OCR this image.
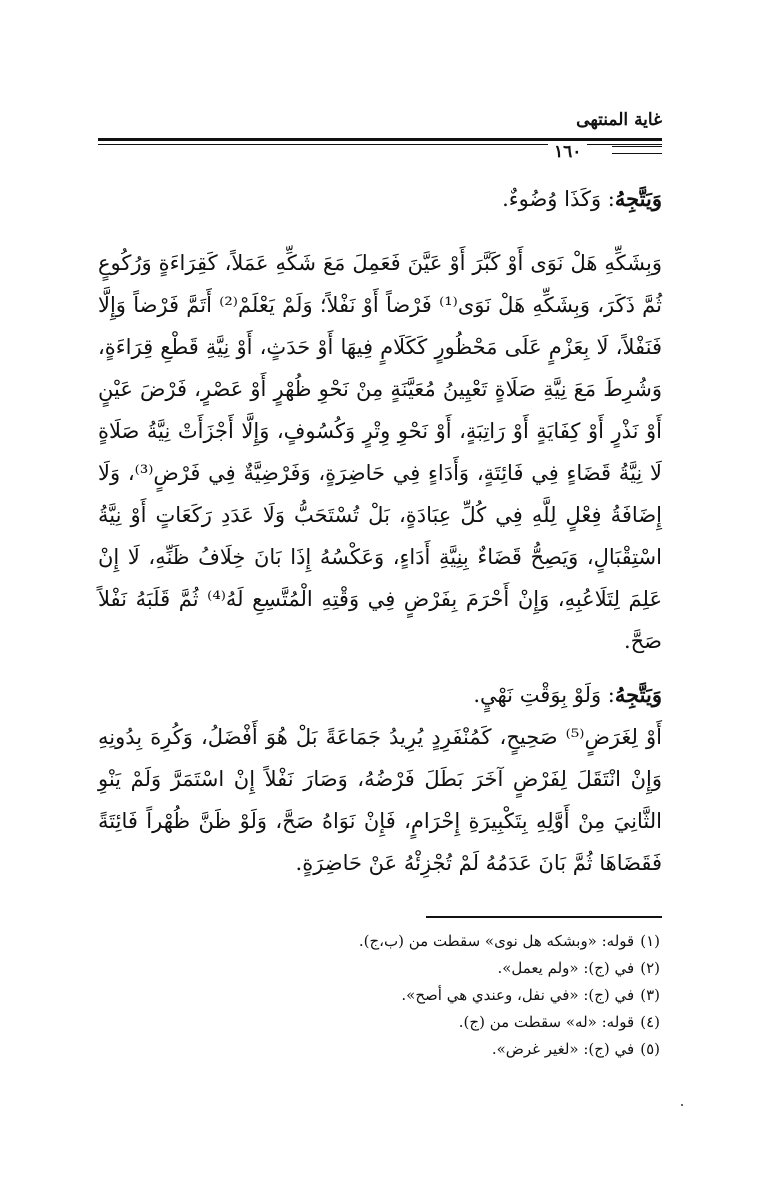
غاية المنتهى
١٦٠
وَيَتَّجِهُ: وَكَذَا وُضُوءٌ.
وَبِشَكِّهِ هَلْ نَوَى أَوْ كَبَّرَ أَوْ عَيَّنَ فَعَمِلَ مَعَ شَكِّهِ عَمَلاً، كَقِرَاءَةٍ وَرُكُوعٍ ثُمَّ ذَكَرَ، وَبِشَكِّهِ هَلْ نَوَى⁽¹⁾ فَرْضاً أَوْ نَفْلاً؛ وَلَمْ يَعْلَمْ⁽²⁾ أَتَمَّ فَرْضاً وَإِلَّا فَنَفْلاً، لَا بِعَزْمٍ عَلَى مَحْظُورٍ كَكَلَامٍ فِيهَا أَوْ حَدَثٍ، أَوْ نِيَّةِ قَطْعِ قِرَاءَةٍ، وَشُرِطَ مَعَ نِيَّةِ صَلَاةٍ تَعْيِينُ مُعَيَّنَةٍ مِنْ نَحْوِ ظُهْرٍ أَوْ عَصْرٍ، فَرْضَ عَيْنٍ أَوْ نَذْرٍ أَوْ كِفَايَةٍ أَوْ رَاتِبَةٍ، أَوْ نَحْوِ وِتْرٍ وَكُسُوفٍ، وَإِلَّا أَجْزَأَتْ نِيَّةُ صَلَاةٍ لَا نِيَّةُ قَضَاءٍ فِي فَائِتَةٍ، وَأَدَاءٍ فِي حَاضِرَةٍ، وَفَرْضِيَّةٌ فِي فَرْضٍ⁽³⁾، وَلَا إِضَافَةُ فِعْلٍ لِلَّهِ فِي كُلِّ عِبَادَةٍ، بَلْ تُسْتَحَبُّ وَلَا عَدَدِ رَكَعَاتٍ أَوْ نِيَّةُ اسْتِقْبَالٍ، وَيَصِحُّ قَضَاءٌ بِنِيَّةِ أَدَاءٍ، وَعَكْسُهُ إِذَا بَانَ خِلَافُ ظَنِّهِ، لَا إِنْ عَلِمَ لِتَلَاعُبِهِ، وَإِنْ أَحْرَمَ بِفَرْضٍ فِي وَقْتِهِ الْمُتَّسِعِ لَهُ⁽⁴⁾ ثُمَّ قَلَبَهُ نَفْلاً صَحَّ.
وَيَتَّجِهُ: وَلَوْ بِوَقْتِ نَهْيٍ.
أَوْ لِغَرَضٍ⁽⁵⁾ صَحِيحٍ، كَمُنْفَرِدٍ يُرِيدُ جَمَاعَةً بَلْ هُوَ أَفْضَلُ، وَكُرِهَ بِدُونِهِ وَإِنْ انْتَقَلَ لِفَرْضٍ آخَرَ بَطَلَ فَرْضُهُ، وَصَارَ نَفْلاً إِنْ اسْتَمَرَّ وَلَمْ يَنْوِ الثَّانِيَ مِنْ أَوَّلِهِ بِتَكْبِيرَةِ إِحْرَامٍ، فَإِنْ نَوَاهُ صَحَّ، وَلَوْ ظَنَّ ظُهْراً فَائِتَةً فَقَضَاهَا ثُمَّ بَانَ عَدَمُهُ لَمْ تُجْزِئْهُ عَنْ حَاضِرَةٍ.
(١)قوله: «وبشكه هل نوى» سقطت من (ب،ج).
(٢)في (ج): «ولم يعمل».
(٣)في (ج): «في نفل، وعندي هي أصح».
(٤)قوله: «له» سقطت من (ج).
(٥)في (ج): «لغير غرض».
